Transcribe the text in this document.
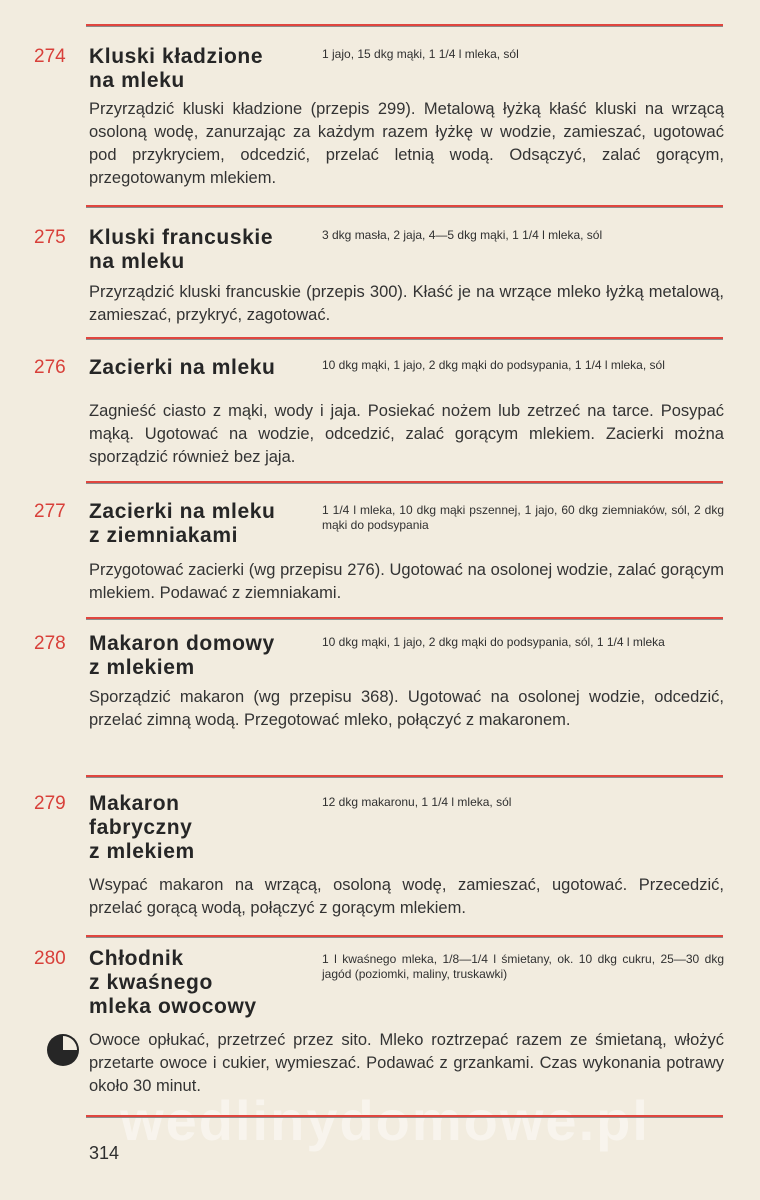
274 Kluski kładzione
na mleku
1 jajo, 15 dkg mąki, 1 1/4 l mleka, sól
Przyrządzić kluski kładzione (przepis 299). Metalową łyżką kłaść kluski na wrzącą osoloną wodę, zanurzając za każdym razem łyżkę w wodzie, zamieszać, ugotować pod przykryciem, odcedzić, przelać letnią wodą. Odsączyć, zalać gorącym, przegotowanym mlekiem.
275 Kluski francuskie
na mleku
3 dkg masła, 2 jaja, 4—5 dkg mąki, 1 1/4 l mleka, sól
Przyrządzić kluski francuskie (przepis 300). Kłaść je na wrzące mleko łyżką metalową, zamieszać, przykryć, zagotować.
276 Zacierki na mleku	10 dkg mąki, 1 jajo, 2 dkg mąki do podsypania, 1 1/4 l mleka, sól
Zagnieść ciasto z mąki, wody i jaja. Posiekać nożem lub zetrzeć na tarce. Posypać mąką. Ugotować na wodzie, odcedzić, zalać gorącym mlekiem. Zacierki można sporządzić również bez jaja.
277 Zacierki na mleku
z ziemniakami
1 1/4 l mleka, 10 dkg mąki pszennej, 1 jajo, 60 dkg ziemniaków, sól, 2 dkg mąki do podsypania
Przygotować zacierki (wg przepisu 276). Ugotować na osolonej wodzie, zalać gorącym mlekiem. Podawać z ziemniakami.
278 Makaron domowy
z mlekiem
10 dkg mąki, 1 jajo, 2 dkg mąki do podsypania, sól, 1 1/4 l mleka
Sporządzić makaron (wg przepisu 368). Ugotować na osolonej wodzie, odcedzić, przelać zimną wodą. Przegotować mleko, połączyć z makaronem.
279 Makaron
fabryczny
z mlekiem
12 dkg makaronu, 1 1/4 l mleka, sól
Wsypać makaron na wrzącą, osoloną wodę, zamieszać, ugotować. Przecedzić, przelać gorącą wodą, połączyć z gorącym mlekiem.
280 Chłodnik
z kwaśnego
mleka owocowy
1 l kwaśnego mleka, 1/8—1/4 l śmietany, ok. 10 dkg cukru, 25—30 dkg jagód (poziomki, maliny, truskawki)
Owoce opłukać, przetrzeć przez sito. Mleko roztrzepać razem ze śmietaną, włożyć przetarte owoce i cukier, wymieszać. Podawać z grzankami. Czas wykonania potrawy około 30 minut.
wedlinydomowe.pl
314
